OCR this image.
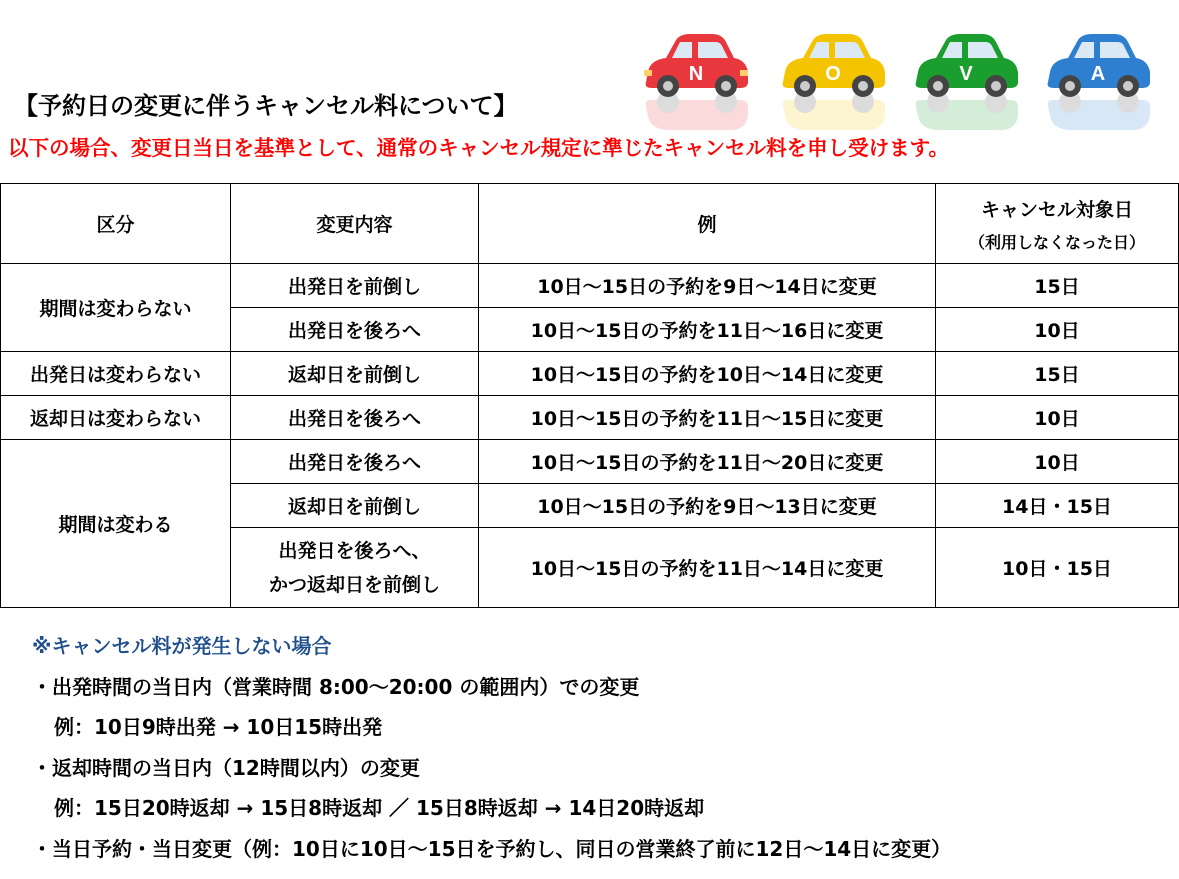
【予約日の変更に伴うキャンセル料について】
N	O	V	A
以下の場合、変更日当日を基準として、通常のキャンセル規定に準じたキャンセル料を申し受けます。
区分	変更内容	例	キャンセル対象日
（利用しなくなった日）

期間は変わらない	出発日を前倒し	10日～15日の予約を9日～14日に変更	15日
	出発日を後ろへ	10日～15日の予約を11日～16日に変更	10日
出発日は変わらない	返却日を前倒し	10日～15日の予約を10日～14日に変更	15日
返却日は変わらない	出発日を後ろへ	10日～15日の予約を11日～15日に変更	10日
期間は変わる	出発日を後ろへ	10日～15日の予約を11日～20日に変更	10日
	返却日を前倒し	10日～15日の予約を9日～13日に変更	14日・15日

	出発日を後ろへ、
かつ返却日を前倒し	10日～15日の予約を11日～14日に変更	10日・15日
※キャンセル料が発生しない場合
・出発時間の当日内（営業時間 8:00～20:00 の範囲内）での変更
例：10日9時出発 → 10日15時出発
・返却時間の当日内（12時間以内）の変更
例：15日20時返却 → 15日8時返却 ／ 15日8時返却 → 14日20時返却
・当日予約・当日変更（例：10日に10日～15日を予約し、同日の営業終了前に12日～14日に変更）
